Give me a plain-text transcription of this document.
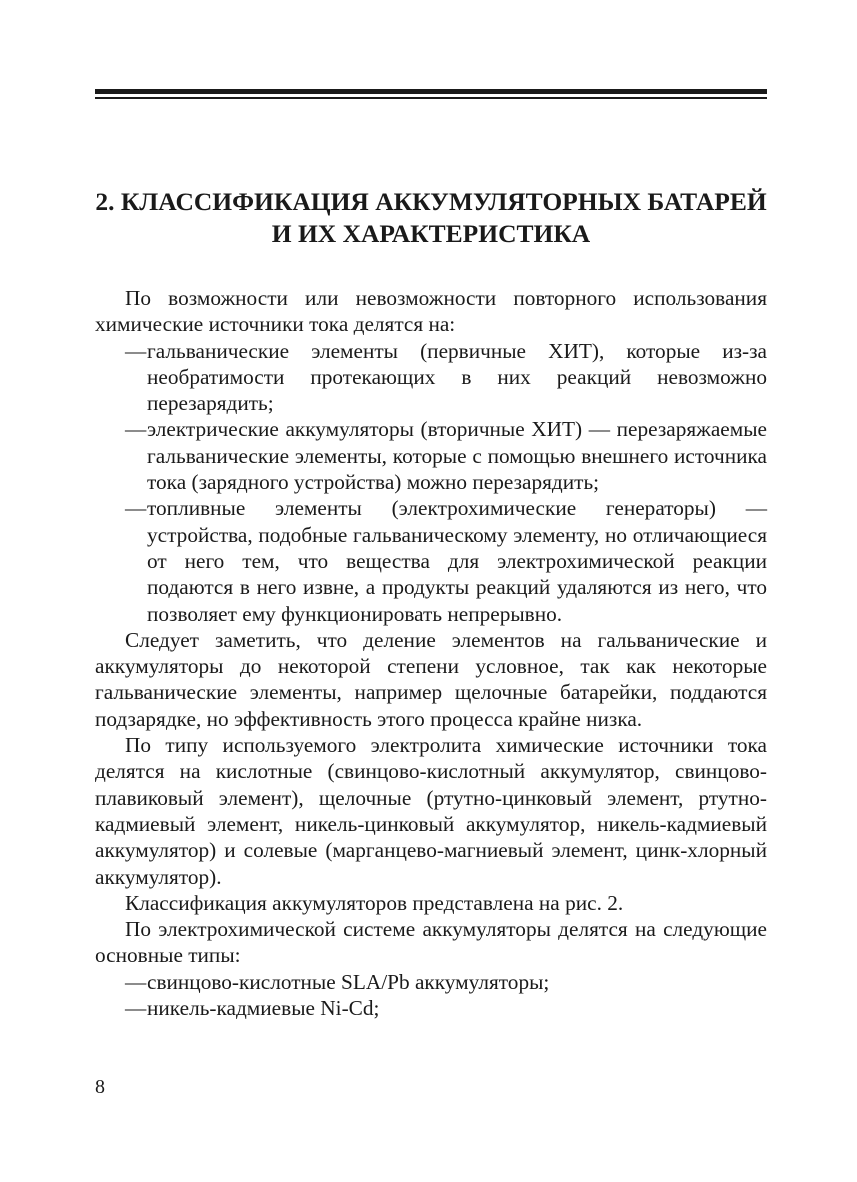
2. КЛАССИФИКАЦИЯ АККУМУЛЯТОРНЫХ БАТАРЕЙ
И ИХ ХАРАКТЕРИСТИКА

По возможности или невозможности повторного использования химические источники тока делятся на:

— гальванические элементы (первичные ХИТ), которые из-за необратимости протекающих в них реакций невозможно перезарядить;
— электрические аккумуляторы (вторичные ХИТ) — перезаряжаемые гальванические элементы, которые с помощью внешнего источника тока (зарядного устройства) можно перезарядить;
— топливные элементы (электрохимические генераторы) — устройства, подобные гальваническому элементу, но отличающиеся от него тем, что вещества для электрохимической реакции подаются в него извне, а продукты реакций удаляются из него, что позволяет ему функционировать непрерывно.

Следует заметить, что деление элементов на гальванические и аккумуляторы до некоторой степени условное, так как некоторые гальванические элементы, например щелочные батарейки, поддаются подзарядке, но эффективность этого процесса крайне низка.

По типу используемого электролита химические источники тока делятся на кислотные (свинцово-кислотный аккумулятор, свинцово-плавиковый элемент), щелочные (ртутно-цинковый элемент, ртутно-кадмиевый элемент, никель-цинковый аккумулятор, никель-кадмиевый аккумулятор) и солевые (марганцево-магниевый элемент, цинк-хлорный аккумулятор).

Классификация аккумуляторов представлена на рис. 2.

По электрохимической системе аккумуляторы делятся на следующие основные типы:

— свинцово-кислотные SLA/Pb аккумуляторы;
— никель-кадмиевые Ni-Cd;
8
